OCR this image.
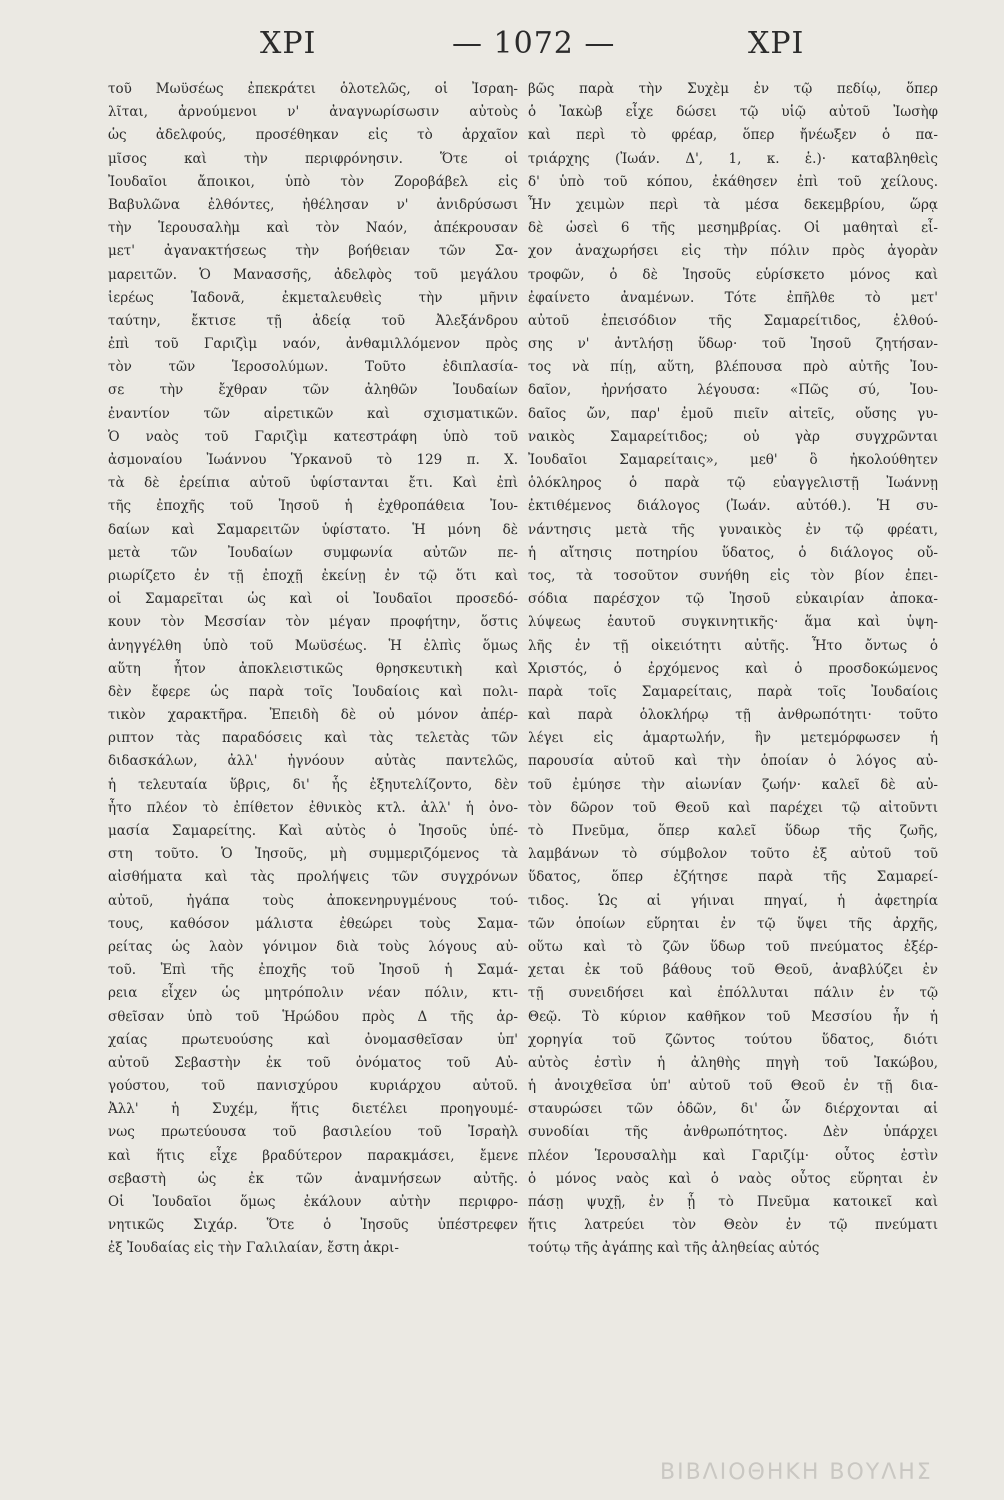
ΧΡΙ	— 1072 —	ΧΡΙ
τοῦ Μωϋσέως ἐπεκράτει ὁλοτελῶς, οἱ Ἰσραη-
λῖται, ἀρνούμενοι ν' ἀναγνωρίσωσιν αὐτοὺς
ὡς ἀδελφούς, προσέθηκαν εἰς τὸ ἀρχαῖον
μῖσος καὶ τὴν περιφρόνησιν. Ὅτε οἱ
Ἰουδαῖοι ἄποικοι, ὑπὸ τὸν Ζοροβάβελ εἰς
Βαβυλῶνα ἐλθόντες, ἠθέλησαν ν' ἀνιδρύσωσι
τὴν Ἱερουσαλὴμ καὶ τὸν Ναόν, ἀπέκρουσαν
μετ' ἀγανακτήσεως τὴν βοήθειαν τῶν Σα-
μαρειτῶν. Ὁ Μανασσῆς, ἀδελφὸς τοῦ μεγάλου
ἱερέως Ἰαδονᾶ, ἐκμεταλευθεὶς τὴν μῆνιν
ταύτην, ἔκτισε τῇ ἀδείᾳ τοῦ Ἀλεξάνδρου
ἐπὶ τοῦ Γαριζὶμ ναόν, ἀνθαμιλλόμενον πρὸς
τὸν τῶν Ἱεροσολύμων. Τοῦτο ἐδιπλασία-
σε τὴν ἔχθραν τῶν ἀληθῶν Ἰουδαίων
ἐναντίον τῶν αἱρετικῶν καὶ σχισματικῶν.
Ὁ ναὸς τοῦ Γαριζὶμ κατεστράφη ὑπὸ τοῦ
ἀσμοναίου Ἰωάννου Ὑρκανοῦ τὸ 129 π. Χ.
τὰ δὲ ἐρείπια αὐτοῦ ὑφίστανται ἔτι. Καὶ ἐπὶ
τῆς ἐποχῆς τοῦ Ἰησοῦ ἡ ἐχθροπάθεια Ἰου-
δαίων καὶ Σαμαρειτῶν ὑφίστατο. Ἡ μόνη δὲ
μετὰ τῶν Ἰουδαίων συμφωνία αὐτῶν πε-
ριωρίζετο ἐν τῇ ἐποχῇ ἐκείνῃ ἐν τῷ ὅτι καὶ
οἱ Σαμαρεῖται ὡς καὶ οἱ Ἰουδαῖοι προσεδό-
κουν τὸν Μεσσίαν τὸν μέγαν προφήτην, ὅστις
ἀνηγγέλθη ὑπὸ τοῦ Μωϋσέως. Ἡ ἐλπὶς ὅμως
αὕτη ἦτον ἀποκλειστικῶς θρησκευτικὴ καὶ
δὲν ἔφερε ὡς παρὰ τοῖς Ἰουδαίοις καὶ πολι-
τικὸν χαρακτῆρα. Ἐπειδὴ δὲ οὐ μόνον ἀπέρ-
ριπτον τὰς παραδόσεις καὶ τὰς τελετὰς τῶν
διδασκάλων, ἀλλ' ἠγνόουν αὐτὰς παντελῶς,
ἡ τελευταία ὕβρις, δι' ἧς ἐξηυτελίζοντο, δὲν
ἦτο πλέον τὸ ἐπίθετον ἐθνικὸς κτλ. ἀλλ' ἡ ὀνο-
μασία Σαμαρείτης. Καὶ αὐτὸς ὁ Ἰησοῦς ὑπέ-
στη τοῦτο. Ὁ Ἰησοῦς, μὴ συμμεριζόμενος τὰ
αἰσθήματα καὶ τὰς προλήψεις τῶν συγχρόνων
αὐτοῦ, ἠγάπα τοὺς ἀποκενηρυγμένους τού-
τους, καθόσον μάλιστα ἐθεώρει τοὺς Σαμα-
ρείτας ὡς λαὸν γόνιμον διὰ τοὺς λόγους αὐ-
τοῦ. Ἐπὶ τῆς ἐποχῆς τοῦ Ἰησοῦ ἡ Σαμά-
ρεια εἶχεν ὡς μητρόπολιν νέαν πόλιν, κτι-
σθεῖσαν ὑπὸ τοῦ Ἡρώδου πρὸς Δ τῆς ἀρ-
χαίας πρωτευούσης καὶ ὀνομασθεῖσαν ὑπ'
αὐτοῦ Σεβαστὴν ἐκ τοῦ ὀνόματος τοῦ Αὐ-
γούστου, τοῦ πανισχύρου κυριάρχου αὐτοῦ.
Ἀλλ' ἡ Συχέμ, ἥτις διετέλει προηγουμέ-
νως πρωτεύουσα τοῦ βασιλείου τοῦ Ἰσραὴλ
καὶ ἥτις εἶχε βραδύτερον παρακμάσει, ἔμενε
σεβαστὴ ὡς ἐκ τῶν ἀναμνήσεων αὐτῆς.
Οἱ Ἰουδαῖοι ὅμως ἐκάλουν αὐτὴν περιφρο-
νητικῶς Σιχάρ. Ὅτε ὁ Ἰησοῦς ὑπέστρεφεν
ἐξ Ἰουδαίας εἰς τὴν Γαλιλαίαν, ἔστη ἀκρι-
βῶς παρὰ τὴν Συχὲμ ἐν τῷ πεδίῳ, ὅπερ
ὁ Ἰακὼβ εἶχε δώσει τῷ υἱῷ αὐτοῦ Ἰωσὴφ
καὶ περὶ τὸ φρέαρ, ὅπερ ἤνέωξεν ὁ πα-
τριάρχης (Ἰωάν. Δ', 1, κ. ἑ.)· καταβληθεὶς
δ' ὑπὸ τοῦ κόπου, ἐκάθησεν ἐπὶ τοῦ χείλους.
Ἦν χειμὼν περὶ τὰ μέσα δεκεμβρίου, ὥρᾳ
δὲ ὡσεὶ 6 τῆς μεσημβρίας. Οἱ μαθηταὶ εἶ-
χον ἀναχωρήσει εἰς τὴν πόλιν πρὸς ἀγορὰν
τροφῶν, ὁ δὲ Ἰησοῦς εὑρίσκετο μόνος καὶ
ἐφαίνετο ἀναμένων. Τότε ἐπῆλθε τὸ μετ'
αὐτοῦ ἐπεισόδιον τῆς Σαμαρείτιδος, ἐλθού-
σης ν' ἀντλήσῃ ὕδωρ· τοῦ Ἰησοῦ ζητήσαν-
τος νὰ πίῃ, αὕτη, βλέπουσα πρὸ αὐτῆς Ἰου-
δαῖον, ἠρνήσατο λέγουσα: «Πῶς σύ, Ἰου-
δαῖος ὤν, παρ' ἐμοῦ πιεῖν αἰτεῖς, οὔσης γυ-
ναικὸς Σαμαρείτιδος; οὐ γὰρ συγχρῶνται
Ἰουδαῖοι Σαμαρείταις», μεθ' ὃ ἠκολούθητεν
ὁλόκληρος ὁ παρὰ τῷ εὐαγγελιστῇ Ἰωάννῃ
ἐκτιθέμενος διάλογος (Ἰωάν. αὐτόθ.). Ἡ συ-
νάντησις μετὰ τῆς γυναικὸς ἐν τῷ φρέατι,
ἡ αἴτησις ποτηρίου ὕδατος, ὁ διάλογος οὔ-
τος, τὰ τοσοῦτον συνήθη εἰς τὸν βίον ἐπει-
σόδια παρέσχον τῷ Ἰησοῦ εὐκαιρίαν ἀποκα-
λύψεως ἑαυτοῦ συγκινητικῆς· ἅμα καὶ ὑψη-
λῆς ἐν τῇ οἰκειότητι αὐτῆς. Ἦτο ὄντως ὁ
Χριστός, ὁ ἐρχόμενος καὶ ὁ προσδοκώμενος
παρὰ τοῖς Σαμαρείταις, παρὰ τοῖς Ἰουδαίοις
καὶ παρὰ ὁλοκλήρῳ τῇ ἀνθρωπότητι· τοῦτο
λέγει εἰς ἁμαρτωλήν, ἣν μετεμόρφωσεν ἡ
παρουσία αὐτοῦ καὶ τὴν ὁποίαν ὁ λόγος αὐ-
τοῦ ἐμύησε τὴν αἰωνίαν ζωήν· καλεῖ δὲ αὐ-
τὸν δῶρον τοῦ Θεοῦ καὶ παρέχει τῷ αἰτοῦντι
τὸ Πνεῦμα, ὅπερ καλεῖ ὕδωρ τῆς ζωῆς,
λαμβάνων τὸ σύμβολον τοῦτο ἐξ αὐτοῦ τοῦ
ὕδατος, ὅπερ ἐζήτησε παρὰ τῆς Σαμαρεί-
τιδος. Ὡς αἱ γήιναι πηγαί, ἡ ἀφετηρία
τῶν ὁποίων εὕρηται ἐν τῷ ὕψει τῆς ἀρχῆς,
οὕτω καὶ τὸ ζῶν ὕδωρ τοῦ πνεύματος ἐξέρ-
χεται ἐκ τοῦ βάθους τοῦ Θεοῦ, ἀναβλύζει ἐν
τῇ συνειδήσει καὶ ἐπόλλυται πάλιν ἐν τῷ
Θεῷ. Τὸ κύριον καθῆκον τοῦ Μεσσίου ἦν ἡ
χορηγία τοῦ ζῶντος τούτου ὕδατος, διότι
αὐτὸς ἐστὶν ἡ ἀληθὴς πηγὴ τοῦ Ἰακώβου,
ἡ ἀνοιχθεῖσα ὑπ' αὐτοῦ τοῦ Θεοῦ ἐν τῇ δια-
σταυρώσει τῶν ὁδῶν, δι' ὧν διέρχονται αἱ
συνοδίαι τῆς ἀνθρωπότητος. Δὲν ὑπάρχει
πλέον Ἱερουσαλὴμ καὶ Γαριζίμ· οὗτος ἐστὶν
ὁ μόνος ναὸς καὶ ὁ ναὸς οὗτος εὕρηται ἐν
πάσῃ ψυχῇ, ἐν ᾗ τὸ Πνεῦμα κατοικεῖ καὶ
ἥτις λατρεύει τὸν Θεὸν ἐν τῷ πνεύματι
τούτῳ τῆς ἀγάπης καὶ τῆς ἀληθείας αὐτός
ΒΙΒΛΙΟΘΗΚΗ ΒΟΥΛΗΣ
